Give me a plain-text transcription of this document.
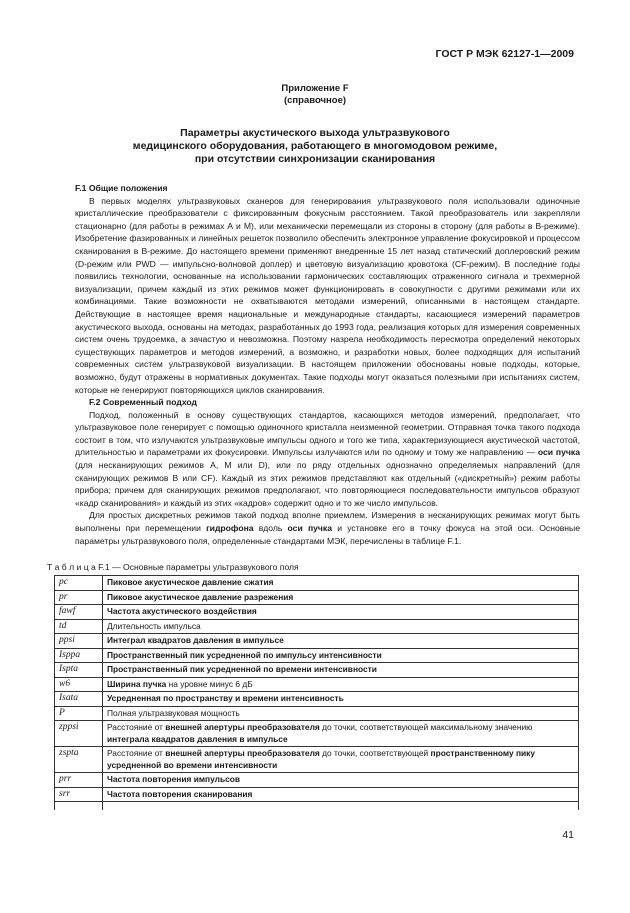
ГОСТ Р МЭК 62127-1—2009
Приложение F
(справочное)
Параметры акустического выхода ультразвукового
медицинского оборудования, работающего в многомодовом режиме,
при отсутствии синхронизации сканирования

F.1 Общие положения

В первых моделях ультразвуковых сканеров для генерирования ультразвукового поля использовали одиночные кристаллические преобразователи с фиксированным фокусным расстоянием. Такой преобразователь или закрепляли стационарно (для работы в режимах А и М), или механически перемещали из стороны в сторону (для работы в В-режиме). Изобретение фазированных и линейных решеток позволило обеспечить электронное управление фокусировкой и процессом сканирования в В-режиме. До настоящего времени применяют внедренные 15 лет назад статический доплеровский режим (D-режим или PWD — импульсно-волновой доплер) и цветовую визуализацию кровотока (CF-режим). В последние годы появились технологии, основанные на использовании гармонических составляющих отраженного сигнала и трехмерной визуализации, причем каждый из этих режимов может функционировать в совокупности с другими режимами или их комбинациями. Такие возможности не охватываются методами измерений, описанными в настоящем стандарте. Действующие в настоящее время национальные и международные стандарты, касающиеся измерений параметров акустического выхода, основаны на методах, разработанных до 1993 года, реализация которых для измерения современных систем очень трудоемка, а зачастую и невозможна. Поэтому назрела необходимость пересмотра определений некоторых существующих параметров и методов измерений, а возможно, и разработки новых, более подходящих для испытаний современных систем ультразвуковой визуализации. В настоящем приложении обоснованы новые подходы, которые, возможно, будут отражены в нормативных документах. Такие подходы могут оказаться полезными при испытаниях систем, которые не генерируют повторяющихся циклов сканирования.

F.2 Современный подход

Подход, положенный в основу существующих стандартов, касающихся методов измерений, предполагает, что ультразвуковое поле генерирует с помощью одиночного кристалла неизменной геометрии. Отправная точка такого подхода состоит в том, что излучаются ультразвуковые импульсы одного и того же типа, характеризующиеся акустической частотой, длительностью и параметрами их фокусировки. Импульсы излучаются или по одному и тому же направлению — оси пучка (для несканирующих режимов А, М или D), или по ряду отдельных однозначно определяемых направлений (для сканирующих режимов В или CF). Каждый из этих режимов представляют как отдельный («дискретный») режим работы прибора; причем для сканирующих режимов предполагают, что повторяющиеся последовательности импульсов образуют «кадр сканирования» и каждый из этих «кадров» содержит одно и то же число импульсов.

Для простых дискретных режимов такой подход вполне приемлем. Измерения в несканирующих режимах могут быть выполнены при перемещении гидрофона вдоль оси пучка и установке его в точку фокуса на этой оси. Основные параметры ультразвукового поля, определенные стандартами МЭК, перечислены в таблице F.1.

Т а б л и ц а F.1 — Основные параметры ультразвукового поля
pc	Пиковое акустическое давление сжатия
pr	Пиковое акустическое давление разрежения
fawf	Частота акустического воздействия
td	Длительность импульса
ppsi	Интеграл квадратов давления в импульсе
Isppa	Пространственный пик усредненной по импульсу интенсивности
Ispta	Пространственный пик усредненной по времени интенсивности
w6	Ширина пучка на уровне минус 6 дБ
Isata	Усредненная по пространству и времени интенсивность
P	Полная ультразвуковая мощность
zppsi	Расстояние от внешней апертуры преобразователя до точки, соответствующей максимальному значению интеграла квадратов давления в импульсе
zspta	Расстояние от внешней апертуры преобразователя до точки, соответствующей пространственному пику усредненной во времени интенсивности
prr	Частота повторения импульсов
srr	Частота повторения сканирования

41
